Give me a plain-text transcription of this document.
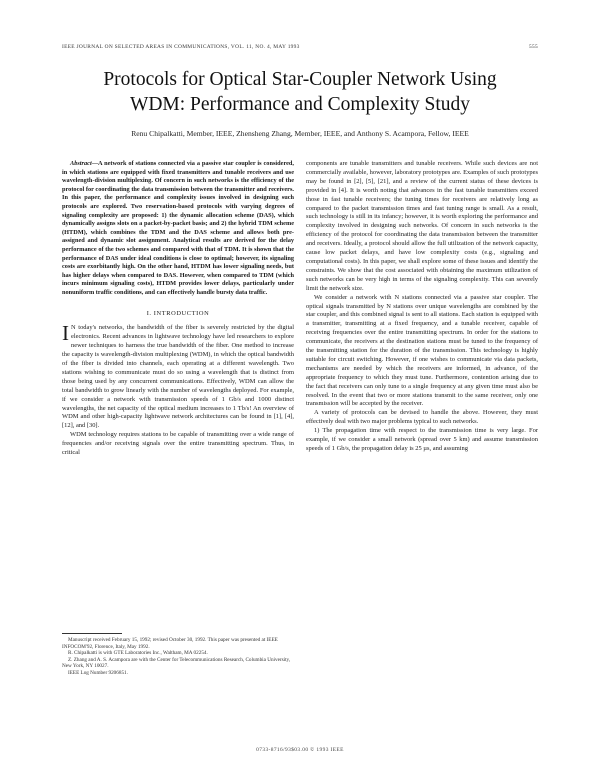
IEEE JOURNAL ON SELECTED AREAS IN COMMUNICATIONS, VOL. 11, NO. 4, MAY 1993	555
Protocols for Optical Star-Coupler Network Using
WDM: Performance and Complexity Study
Renu Chipalkatti, Member, IEEE, Zhensheng Zhang, Member, IEEE, and Anthony S. Acampora, Fellow, IEEE

Abstract—A network of stations connected via a passive star coupler is considered, in which stations are equipped with fixed transmitters and tunable receivers and use wavelength-division multiplexing. Of concern in such networks is the efficiency of the protocol for coordinating the data transmission between the transmitter and receivers. In this paper, the performance and complexity issues involved in designing such protocols are explored. Two reservation-based protocols with varying degrees of signaling complexity are proposed: 1) the dynamic allocation scheme (DAS), which dynamically assigns slots on a packet-by-packet basis; and 2) the hybrid TDM scheme (HTDM), which combines the TDM and the DAS scheme and allows both pre-assigned and dynamic slot assignment. Analytical results are derived for the delay performance of the two schemes and compared with that of TDM. It is shown that the performance of DAS under ideal conditions is close to optimal; however, its signaling costs are exorbitantly high. On the other hand, HTDM has lower signaling needs, but has higher delays when compared to DAS. However, when compared to TDM (which incurs minimum signaling costs), HTDM provides lower delays, particularly under nonuniform traffic conditions, and can effectively handle bursty data traffic.

I. INTRODUCTION

I N today's networks, the bandwidth of the fiber is severely restricted by the digital electronics. Recent advances in lightwave technology have led researchers to explore newer techniques to harness the true bandwidth of the fiber. One method to increase the capacity is wavelength-division multiplexing (WDM), in which the optical bandwidth of the fiber is divided into channels, each operating at a different wavelength. Two stations wishing to communicate must do so using a wavelength that is distinct from those being used by any concurrent communications. Effectively, WDM can allow the total bandwidth to grow linearly with the number of wavelengths deployed. For example, if we consider a network with transmission speeds of 1 Gb/s and 1000 distinct wavelengths, the net capacity of the optical medium increases to 1 Tb/s! An overview of WDM and other high-capacity lightwave network architectures can be found in [1], [4], [12], and [30].

WDM technology requires stations to be capable of transmitting over a wide range of frequencies and/or receiving signals over the entire transmitting spectrum. Thus, in critical

Manuscript received February 15, 1992; revised October 30, 1992. This paper was presented at IEEE INFOCOM'92, Florence, Italy, May 1992.

R. Chipalkatti is with GTE Laboratories Inc., Waltham, MA 02254.

Z. Zhang and A. S. Acampora are with the Center for Telecommunications Research, Columbia University, New York, NY 10027.

IEEE Log Number 9206851.

components are tunable transmitters and tunable receivers. While such devices are not commercially available, however, laboratory prototypes are. Examples of such prototypes may be found in [2], [5], [21], and a review of the current status of these devices is provided in [4]. It is worth noting that advances in the fast tunable transmitters exceed those in fast tunable receivers; the tuning times for receivers are relatively long as compared to the packet transmission times and fast tuning range is small. As a result, such technology is still in its infancy; however, it is worth exploring the performance and complexity involved in designing such networks. Of concern in such networks is the efficiency of the protocol for coordinating the data transmission between the transmitter and receivers. Ideally, a protocol should allow the full utilization of the network capacity, cause low packet delays, and have low complexity costs (e.g., signaling and computational costs). In this paper, we shall explore some of these issues and identify the constraints. We show that the cost associated with obtaining the maximum utilization of such networks can be very high in terms of the signaling complexity. This can severely limit the network size.

We consider a network with N stations connected via a passive star coupler. The optical signals transmitted by N stations over unique wavelengths are combined by the star coupler, and this combined signal is sent to all stations. Each station is equipped with a transmitter, transmitting at a fixed frequency, and a tunable receiver, capable of receiving frequencies over the entire transmitting spectrum. In order for the stations to communicate, the receivers at the destination stations must be tuned to the frequency of the transmitting station for the duration of the transmission. This technology is highly suitable for circuit switching. However, if one wishes to communicate via data packets, mechanisms are needed by which the receivers are informed, in advance, of the appropriate frequency to which they must tune. Furthermore, contention arising due to the fact that receivers can only tune to a single frequency at any given time must also be resolved. In the event that two or more stations transmit to the same receiver, only one transmission will be accepted by the receiver.

A variety of protocols can be devised to handle the above. However, they must effectively deal with two major problems typical to such networks.

1) The propagation time with respect to the transmission time is very large. For example, if we consider a small network (spread over 5 km) and assume transmission speeds of 1 Gb/s, the propagation delay is 25 µs, and assuming

0733-8716/93$03.00 © 1993 IEEE
